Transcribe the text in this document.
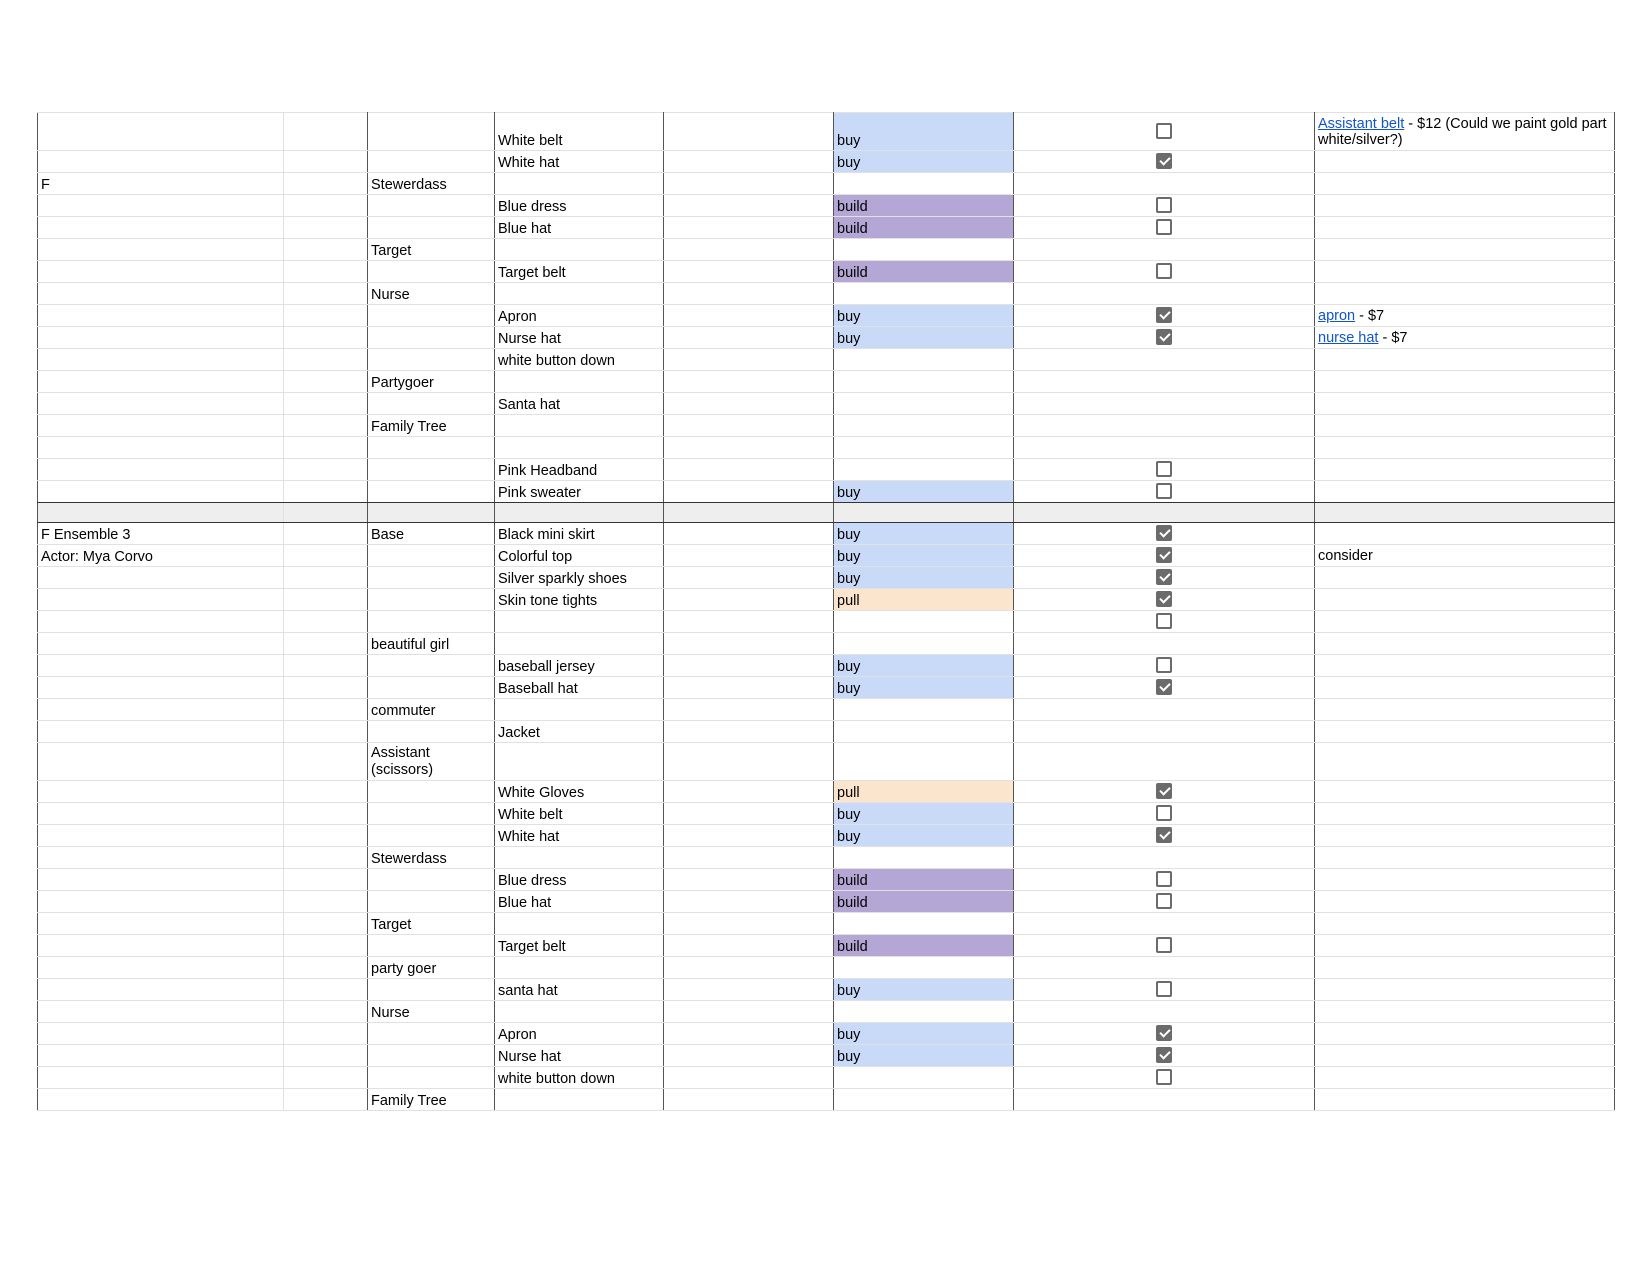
			White belt		buy		Assistant belt - $12 (Could we paint gold part white/silver?)
			White hat		buy		
F		Stewerdass					
			Blue dress		build		
			Blue hat		build		
		Target					
			Target belt		build		
		Nurse					
			Apron		buy		apron - $7
			Nurse hat		buy		nurse hat - $7
			white button down				
		Partygoer					
			Santa hat				
		Family Tree					

			Pink Headband				
			Pink sweater		buy		

F Ensemble 3		Base	Black mini skirt		buy		
Actor: Mya Corvo			Colorful top		buy		consider
			Silver sparkly shoes		buy		
			Skin tone tights		pull		

		beautiful girl					
			baseball jersey		buy		
			Baseball hat		buy		
		commuter					
			Jacket				
		Assistant (scissors)					
			White Gloves		pull		
			White belt		buy		
			White hat		buy		
		Stewerdass					
			Blue dress		build		
			Blue hat		build		
		Target					
			Target belt		build		
		party goer					
			santa hat		buy		
		Nurse					
			Apron		buy		
			Nurse hat		buy		
			white button down				
		Family Tree					
